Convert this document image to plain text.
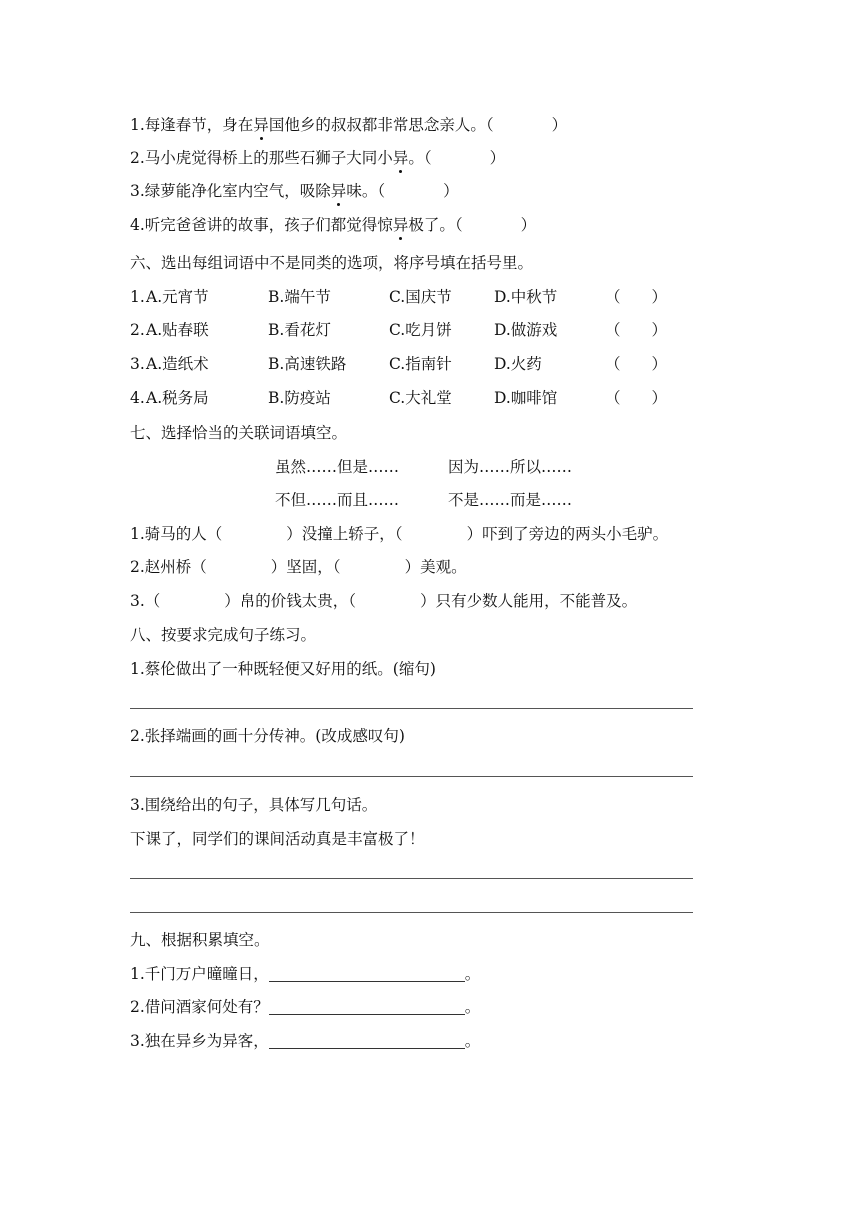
1.每逢春节，身在异国他乡的叔叔都非常思念亲人。（	）
2.马小虎觉得桥上的那些石狮子大同小异。（	）
3.绿萝能净化室内空气，吸除异味。（	）
4.听完爸爸讲的故事，孩子们都觉得惊异极了。（	）
六、选出每组词语中不是同类的选项，将序号填在括号里。
1. A.元宵节	B.端午节	C.国庆节	D.中秋节	（　　）
2. A.贴春联	B.看花灯	C.吃月饼	D.做游戏	（　　）
3. A.造纸术	B.高速铁路	C.指南针	D.火药	（　　）
4. A.税务局	B.防疫站	C.大礼堂	D.咖啡馆	（　　）
七、选择恰当的关联词语填空。
虽然……但是……	因为……所以……
不但……而且……	不是……而是……
1.骑马的人（	）没撞上轿子，（	）吓到了旁边的两头小毛驴。
2.赵州桥（	）坚固，（	）美观。
3.（	）帛的价钱太贵，（	）只有少数人能用，不能普及。
八、按要求完成句子练习。
1.蔡伦做出了一种既轻便又好用的纸。(缩句)
2.张择端画的画十分传神。(改成感叹句)
3.围绕给出的句子，具体写几句话。
下课了，同学们的课间活动真是丰富极了！
九、根据积累填空。
1.千门万户曈曈日，	。
2.借问酒家何处有？	。
3.独在异乡为异客，	。
